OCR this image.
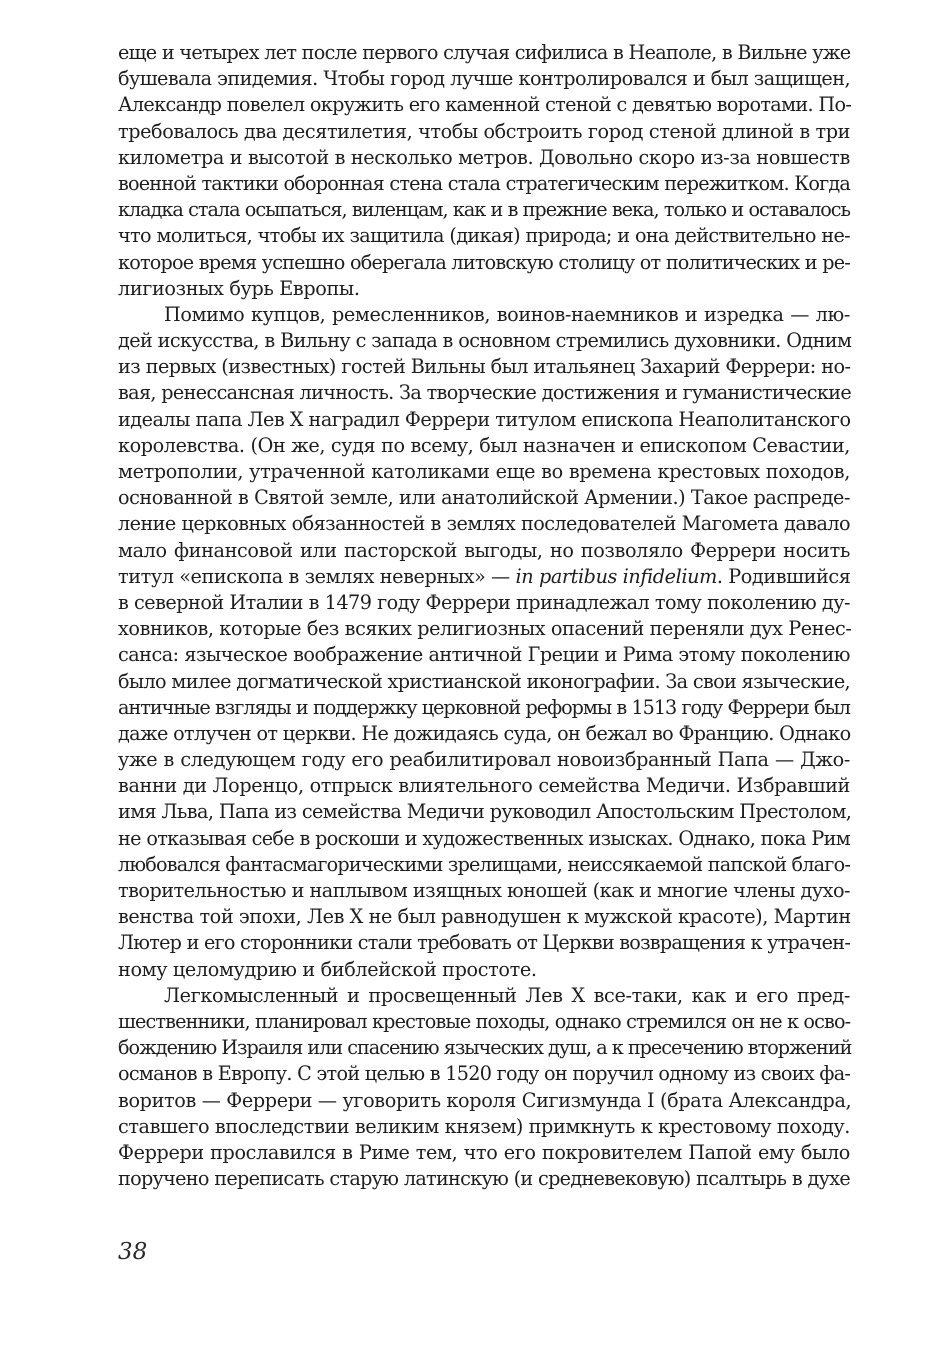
еще и четырех лет после первого случая сифилиса в Неаполе, в Вильне уже
бушевала эпидемия. Чтобы город лучше контролировался и был защищен,
Александр повелел окружить его каменной стеной с девятью воротами. По-
требовалось два десятилетия, чтобы обстроить город стеной длиной в три
километра и высотой в несколько метров. Довольно скоро из-за новшеств
военной тактики оборонная стена стала стратегическим пережитком. Когда
кладка стала осыпаться, виленцам, как и в прежние века, только и оставалось
что молиться, чтобы их защитила (дикая) природа; и она действительно не-
которое время успешно оберегала литовскую столицу от политических и ре-
лигиозных бурь Европы.
Помимо купцов, ремесленников, воинов-наемников и изредка — лю-
дей искусства, в Вильну с запада в основном стремились духовники. Одним
из первых (известных) гостей Вильны был итальянец Захарий Феррери: но-
вая, ренессансная личность. За творческие достижения и гуманистические
идеалы папа Лев X наградил Феррери титулом епископа Неаполитанского
королевства. (Он же, судя по всему, был назначен и епископом Севастии,
метрополии, утраченной католиками еще во времена крестовых походов,
основанной в Святой земле, или анатолийской Армении.) Такое распреде-
ление церковных обязанностей в землях последователей Магомета давало
мало финансовой или пасторской выгоды, но позволяло Феррери носить
титул «епископа в землях неверных» — in partibus infidelium. Родившийся
в северной Италии в 1479 году Феррери принадлежал тому поколению ду-
ховников, которые без всяких религиозных опасений переняли дух Ренес-
санса: языческое воображение античной Греции и Рима этому поколению
было милее догматической христианской иконографии. За свои языческие,
античные взгляды и поддержку церковной реформы в 1513 году Феррери был
даже отлучен от церкви. Не дожидаясь суда, он бежал во Францию. Однако
уже в следующем году его реабилитировал новоизбранный Папа — Джо-
ванни ди Лоренцо, отпрыск влиятельного семейства Медичи. Избравший
имя Льва, Папа из семейства Медичи руководил Апостольским Престолом,
не отказывая себе в роскоши и художественных изысках. Однако, пока Рим
любовался фантасмагорическими зрелищами, неиссякаемой папской благо-
творительностью и наплывом изящных юношей (как и многие члены духо-
венства той эпохи, Лев X не был равнодушен к мужской красоте), Мартин
Лютер и его сторонники стали требовать от Церкви возвращения к утрачен-
ному целомудрию и библейской простоте.
Легкомысленный и просвещенный Лев X все-таки, как и его пред-
шественники, планировал крестовые походы, однако стремился он не к осво-
бождению Израиля или спасению языческих душ, а к пресечению вторжений
османов в Европу. С этой целью в 1520 году он поручил одному из своих фа-
воритов — Феррери — уговорить короля Сигизмунда I (брата Александра,
ставшего впоследствии великим князем) примкнуть к крестовому походу.
Феррери прославился в Риме тем, что его покровителем Папой ему было
поручено переписать старую латинскую (и средневековую) псалтырь в духе
38
